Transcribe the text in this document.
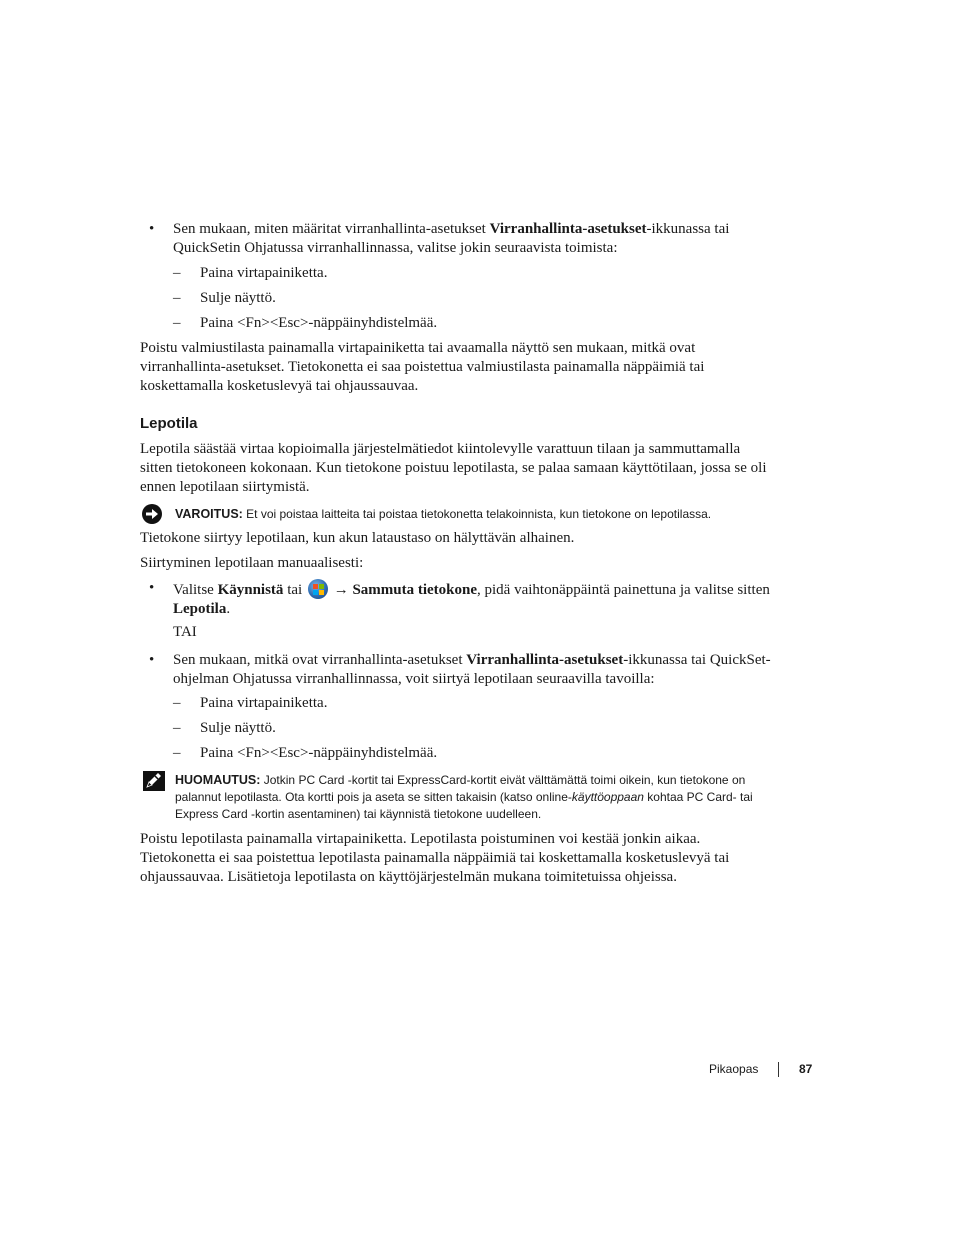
• Sen mukaan, miten määritat virranhallinta-asetukset Virranhallinta-asetukset-ikkunassa tai
QuickSetin Ohjatussa virranhallinnassa, valitse jokin seuraavista toimista:
– Paina virtapainiketta.
– Sulje näyttö.
– Paina <Fn><Esc>-näppäinyhdistelmää.
Poistu valmiustilasta painamalla virtapainiketta tai avaamalla näyttö sen mukaan, mitkä ovat
virranhallinta-asetukset. Tietokonetta ei saa poistettua valmiustilasta painamalla näppäimiä tai
koskettamalla kosketuslevyä tai ohjaussauvaa.
Lepotila
Lepotila säästää virtaa kopioimalla järjestelmätiedot kiintolevylle varattuun tilaan ja sammuttamalla
sitten tietokoneen kokonaan. Kun tietokone poistuu lepotilasta, se palaa samaan käyttötilaan, jossa se oli
ennen lepotilaan siirtymistä.
VAROITUS: Et voi poistaa laitteita tai poistaa tietokonetta telakoinnista, kun tietokone on lepotilassa.
Tietokone siirtyy lepotilaan, kun akun lataustaso on hälyttävän alhainen.
Siirtyminen lepotilaan manuaalisesti:
• Valitse Käynnistä tai
→ Sammuta tietokone, pidä vaihtonäppäintä painettuna ja valitse sitten
Lepotila.
TAI
• Sen mukaan, mitkä ovat virranhallinta-asetukset Virranhallinta-asetukset-ikkunassa tai QuickSet-
ohjelman Ohjatussa virranhallinnassa, voit siirtyä lepotilaan seuraavilla tavoilla:
– Paina virtapainiketta.
– Sulje näyttö.
– Paina <Fn><Esc>-näppäinyhdistelmää.
HUOMAUTUS: Jotkin PC Card -kortit tai ExpressCard-kortit eivät välttämättä toimi oikein, kun tietokone on
palannut lepotilasta. Ota kortti pois ja aseta se sitten takaisin (katso online-käyttöoppaan kohtaa PC Card- tai
Express Card -kortin asentaminen) tai käynnistä tietokone uudelleen.
Poistu lepotilasta painamalla virtapainiketta. Lepotilasta poistuminen voi kestää jonkin aikaa.
Tietokonetta ei saa poistettua lepotilasta painamalla näppäimiä tai koskettamalla kosketuslevyä tai
ohjaussauvaa. Lisätietoja lepotilasta on käyttöjärjestelmän mukana toimitetuissa ohjeissa.
Pikaopas	87
